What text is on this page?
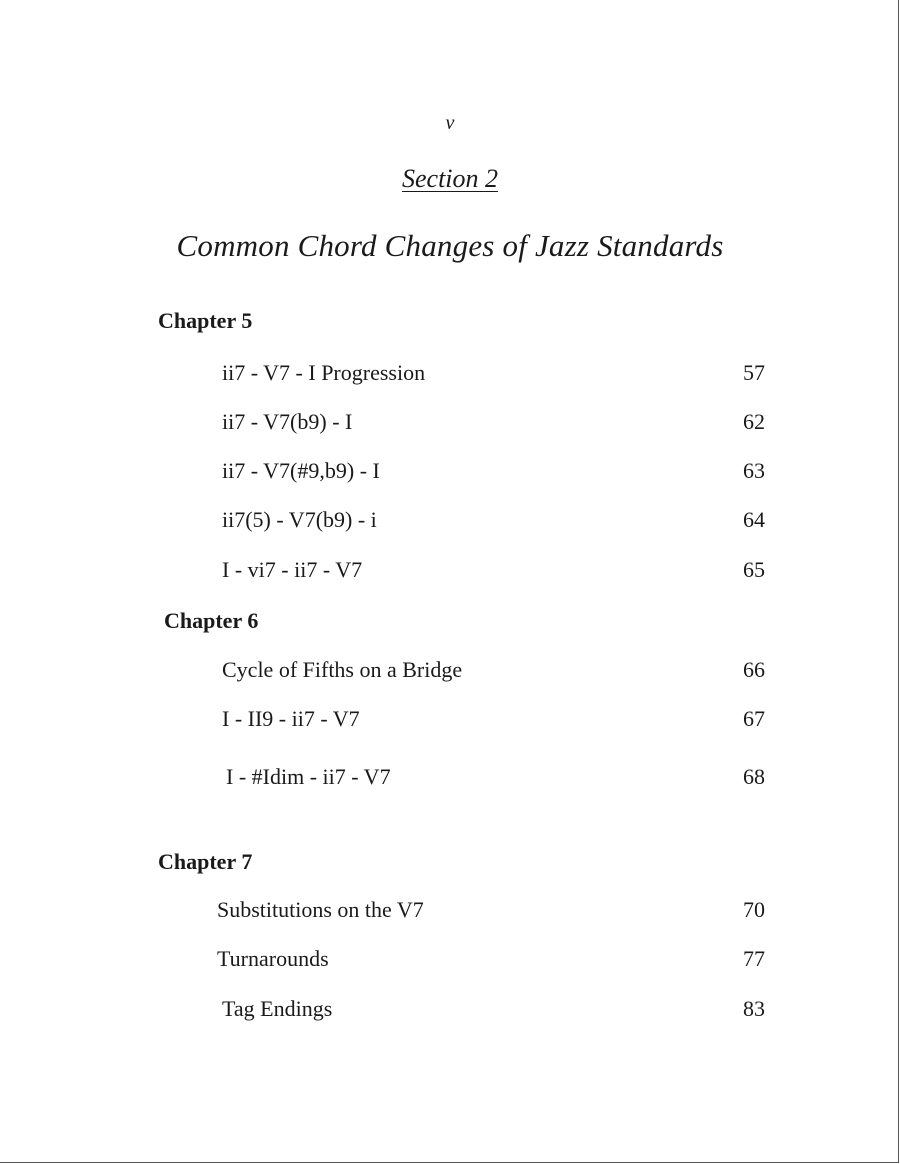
v
Section 2
Common Chord Changes of Jazz Standards
Chapter 5
ii7 - V7 - I Progression	57
ii7 - V7(b9) - I	62
ii7 - V7(#9,b9) - I	63
ii7(5) - V7(b9) - i	64
I - vi7 - ii7 - V7	65
Chapter 6
Cycle of Fifths on a Bridge	66
I - II9 - ii7 - V7	67
I - #Idim - ii7 - V7	68
Chapter 7
Substitutions on the V7	70
Turnarounds	77
Tag Endings	83
